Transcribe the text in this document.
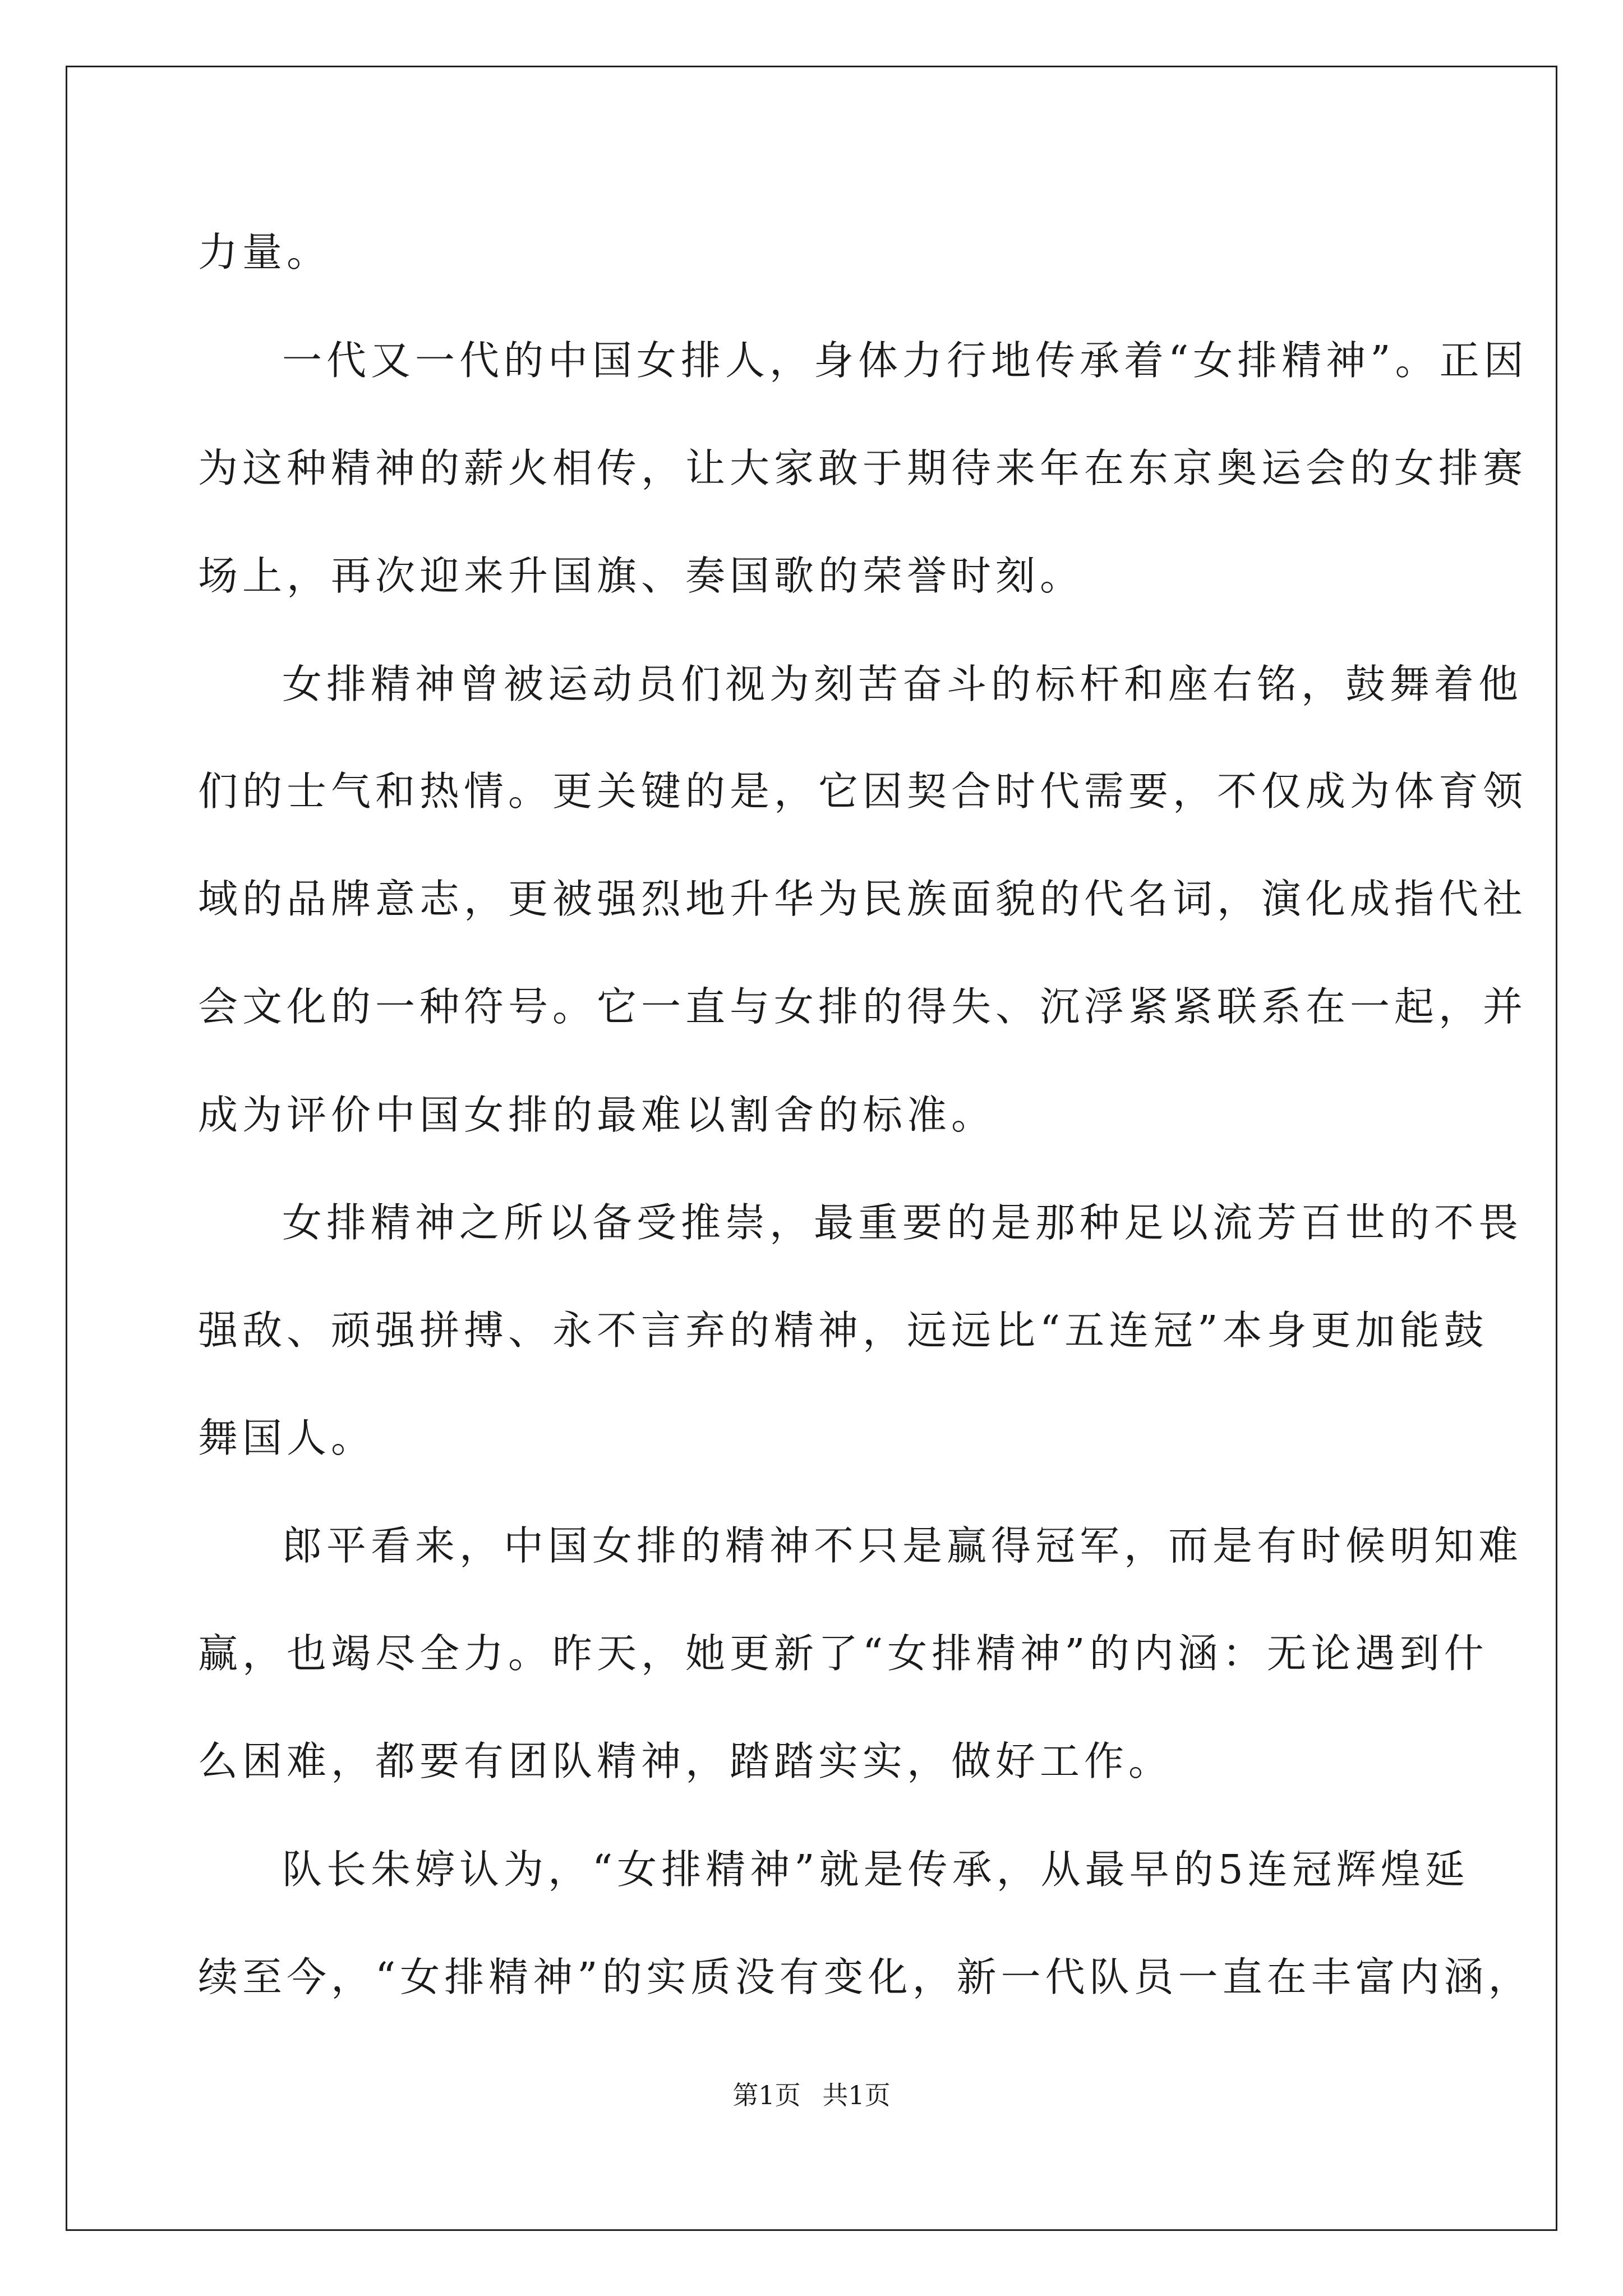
力量。
一代又一代的中国女排人，身体力行地传承着“女排精神”。正因
为这种精神的薪火相传，让大家敢于期待来年在东京奥运会的女排赛
场上，再次迎来升国旗、奏国歌的荣誉时刻。
女排精神曾被运动员们视为刻苦奋斗的标杆和座右铭，鼓舞着他
们的士气和热情。更关键的是，它因契合时代需要，不仅成为体育领
域的品牌意志，更被强烈地升华为民族面貌的代名词，演化成指代社
会文化的一种符号。它一直与女排的得失、沉浮紧紧联系在一起，并
成为评价中国女排的最难以割舍的标准。
女排精神之所以备受推崇，最重要的是那种足以流芳百世的不畏
强敌、顽强拼搏、永不言弃的精神，远远比“五连冠”本身更加能鼓
舞国人。
郎平看来，中国女排的精神不只是赢得冠军，而是有时候明知难
赢，也竭尽全力。昨天，她更新了“女排精神”的内涵：无论遇到什
么困难，都要有团队精神，踏踏实实，做好工作。
队长朱婷认为，“女排精神”就是传承，从最早的5连冠辉煌延
续至今，“女排精神”的实质没有变化，新一代队员一直在丰富内涵，
第1页 共1页
